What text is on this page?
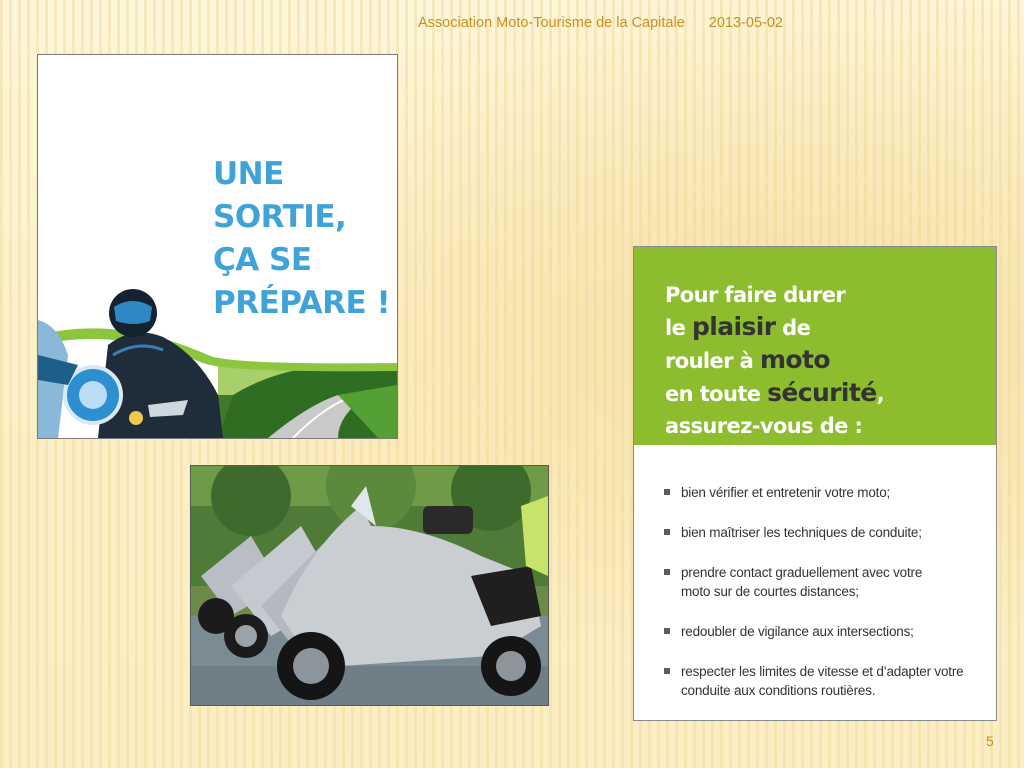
Association Moto-Tourisme de la Capitale 2013-05-02
UNE
SORTIE,
ÇA SE
PRÉPARE !	Pour faire durer
le plaisir de
rouler à moto
en toute sécurité,
assurez-vous de :
bien vérifier et entretenir votre moto;
bien maîtriser les techniques de conduite;
prendre contact graduellement avec votre
moto sur de courtes distances;
redoubler de vigilance aux intersections;
respecter les limites de vitesse et d’adapter votre
conduite aux conditions routières.
5
